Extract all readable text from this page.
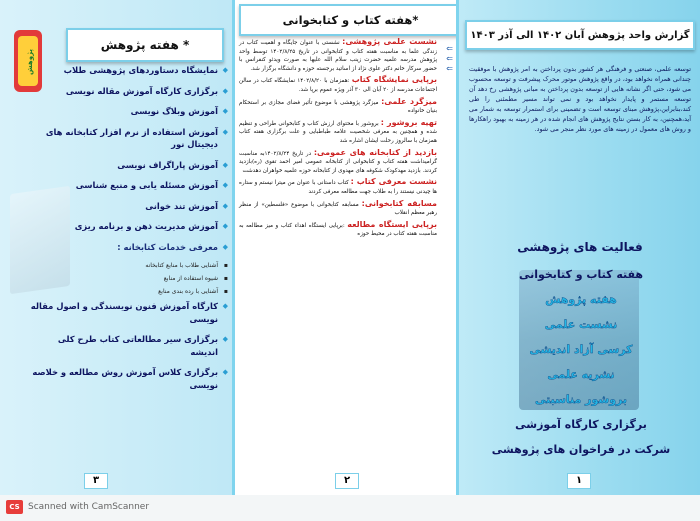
پژوهش
* هفته پژوهش
◆ نمایشگاه دستاوردهای پژوهشی طلاب
◆ برگزاری کارگاه آموزش مقاله نویسی
◆ آموزش وبلاگ نویسی
◆ آموزش استفاده از نرم افزار کتابخانه های دیجیتال نور
◆ آموزش پاراگراف نویسی
◆ آموزش مسئله یابی و منبع شناسی
◆ آموزش تند خوانی
◆ آموزش مدیریت ذهن و برنامه ریزی
◆ معرفی خدمات کتابخانه :
▪ آشنایی طلاب با منابع کتابخانه
▪ شیوه استفاده از منابع
▪ آشنایی با رده بندی منابع
◆ کارگاه آموزش فنون نویسندگی و اصول مقاله نویسی
◆ برگزاری سیر مطالعاتی کتاب طرح کلی اندیشه
◆ برگزاری کلاس آموزش روش مطالعه و خلاصه نویسی
۳
*هفته کتاب و کتابخوانی
⇐
⇐
⇐

نشست علمی پژوهشی: نشستی با عنوان جایگاه و اهمیت کتاب در زندگی علما به مناسبت هفته کتاب و کتابخوانی در تاریخ ۱۴۰۲/۸/۲۵ توسط واحد پژوهش مدرسه علمیه حضرت زینب سلام الله علیها به صورت ویدئو کنفرانس با حضور سرکار خانم دکتر علوی نژاد از اساتید برجسته حوزه و دانشگاه برگزار شد.

برپایی نمایشگاه کتاب :همزمان با ۱۴۰۲/۸/۲۰ نمایشگاه کتاب در سالن اجتماعات مدرسه از ۲۰ آبان الی ۳۰ آذر ویژه عموم برپا شد.

میزگرد علمی: میزگرد پژوهشی با موضوع تأثیر فضای مجازی بر استحکام بنیان خانواده

تهیه بروشور : بروشور با محتوای ارزش کتاب و کتابخوانی طراحی و تنظیم شده و همچنین به معرفی شخصیت علامه طباطبایی و علت برگزاری هفته کتاب همزمان با سالروز رحلت ایشان اشاره شد

بازدید از کتابخانه های عمومی: در تاریخ ۱۴۰۲/۸/۲۴به مناسبت گرامیداشت هفته کتاب و کتابخوانی از کتابخانه عمومی امیر احمد تقوی (ره)بازدید کردند. بازدید مهدکودک شکوفه های مهدوی از کتابخانه حوزه علمیه خواهران دهدشت

نشست معرفی کتاب : کتاب داستانی با عنوان من میترا نیستم و ستاره ها چیدنی نیستند را به طلاب جهت مطالعه معرفی کردند

مسابقه کتابخوانی: مسابقه کتابخوانی با موضوع «فلسطین» از منظر رهبر معظم انقلاب

برپایی ایستگاه مطالعه :برپایی ایستگاه اهداء کتاب و میز مطالعه به مناسبت هفته کتاب در محیط حوزه

۲
گزارش واحد پژوهش آبان ۱۴۰۲ الی آذر ۱۴۰۳
توسعه علمی، صنعتی و فرهنگی هر کشور بدون پرداختن به امر پژوهش با موفقیت چندانی همراه نخواهد بود، در واقع پژوهش موتور محرک پیشرفت و توسعه محسوب می شود، حتی اگر نشانه هایی از توسعه بدون پرداختن به مبانی پژوهشی رخ دهد آن توسعه مستمر و پایدار نخواهد بود و نمی تواند مسیر مطمئنی را طی کند،بنابراین،پژوهش مبنای توسعه است و تضمینی برای استمرار توسعه به شمار می آید،همچنین، به کار بستن نتایج پژوهش های انجام شده در هر زمینه به بهبود راهکارها و روش های معمول در زمینه های مورد نظر منجر می شود.
فعالیت های پژوهشی
هفته کتاب و کتابخوانی
هفته پژوهش
نشست علمی
کرسی آزاد اندیشی
نشریه علمی
بروشور مناسبتی
برگزاری کارگاه آموزشی
شرکت در فراخوان های پژوهشی
۱
CS Scanned with CamScanner
